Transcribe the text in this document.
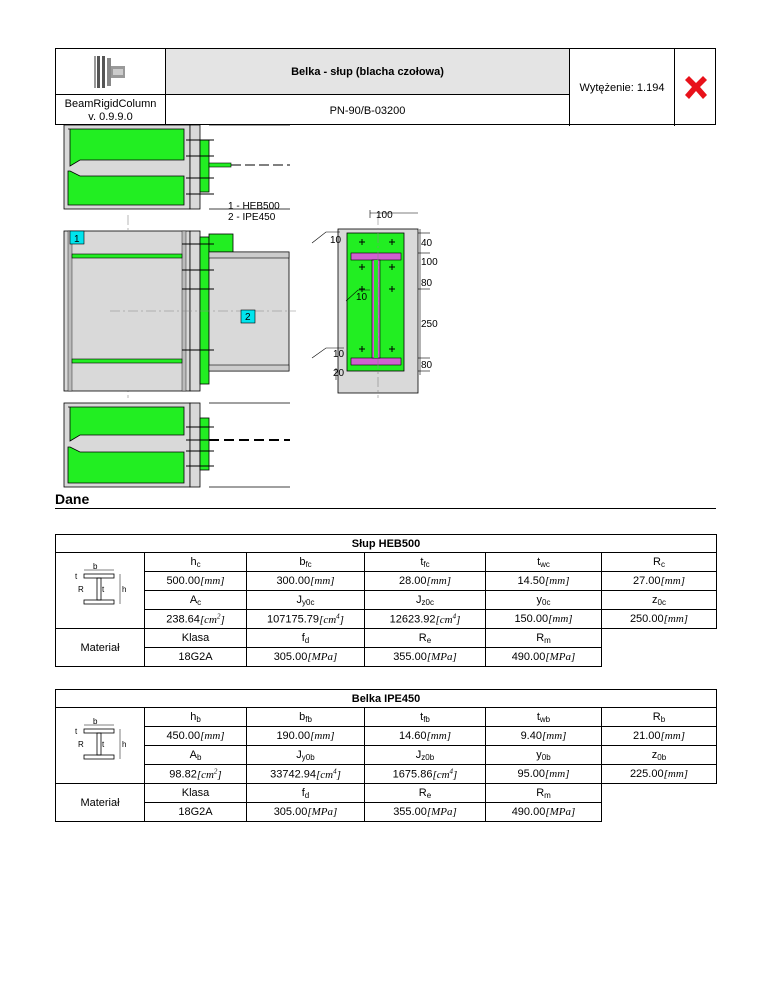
Belka - słup (blacha czołowa)
BeamRigidColumn
v. 0.9.9.0	PN-90/B-03200
Wytężenie: 1.194
1 - HEB500
2 - IPE450
1
2
100
40
100
80
250
80
20
10
10
10
Dane
Słup HEB500					

b
t
R t h	$h_c$	$b_{fc}$	$t_{fc}$	$t_{wc}$	$R_c$
	500.00[mm]	300.00[mm]	28.00[mm]	14.50[mm]	27.00[mm]
	$A_c$	$J_{y0c}$	$J_{z0c}$	$y_{0c}$	$z_{0c}$
	$238.64[cm^2]$	$107175.79[cm^4]$	$12623.92[cm^4]$	150.00[mm]	250.00[mm]
Materiał	Klasa	$f_d$	$R_e$	$R_m$	
	18G2A	305.00[MPa]	355.00[MPa]	490.00[MPa]	
Belka IPE450					

b
t
R t h	$h_b$	$b_{fb}$	$t_{fb}$	$t_{wb}$	$R_b$
	450.00[mm]	190.00[mm]	14.60[mm]	9.40[mm]	21.00[mm]
	$A_b$	$J_{y0b}$	$J_{z0b}$	$y_{0b}$	$z_{0b}$
	$98.82[cm^2]$	$33742.94[cm^4]$	$1675.86[cm^4]$	95.00[mm]	225.00[mm]
Materiał	Klasa	$f_d$	$R_e$	$R_m$	
	18G2A	305.00[MPa]	355.00[MPa]	490.00[MPa]	
